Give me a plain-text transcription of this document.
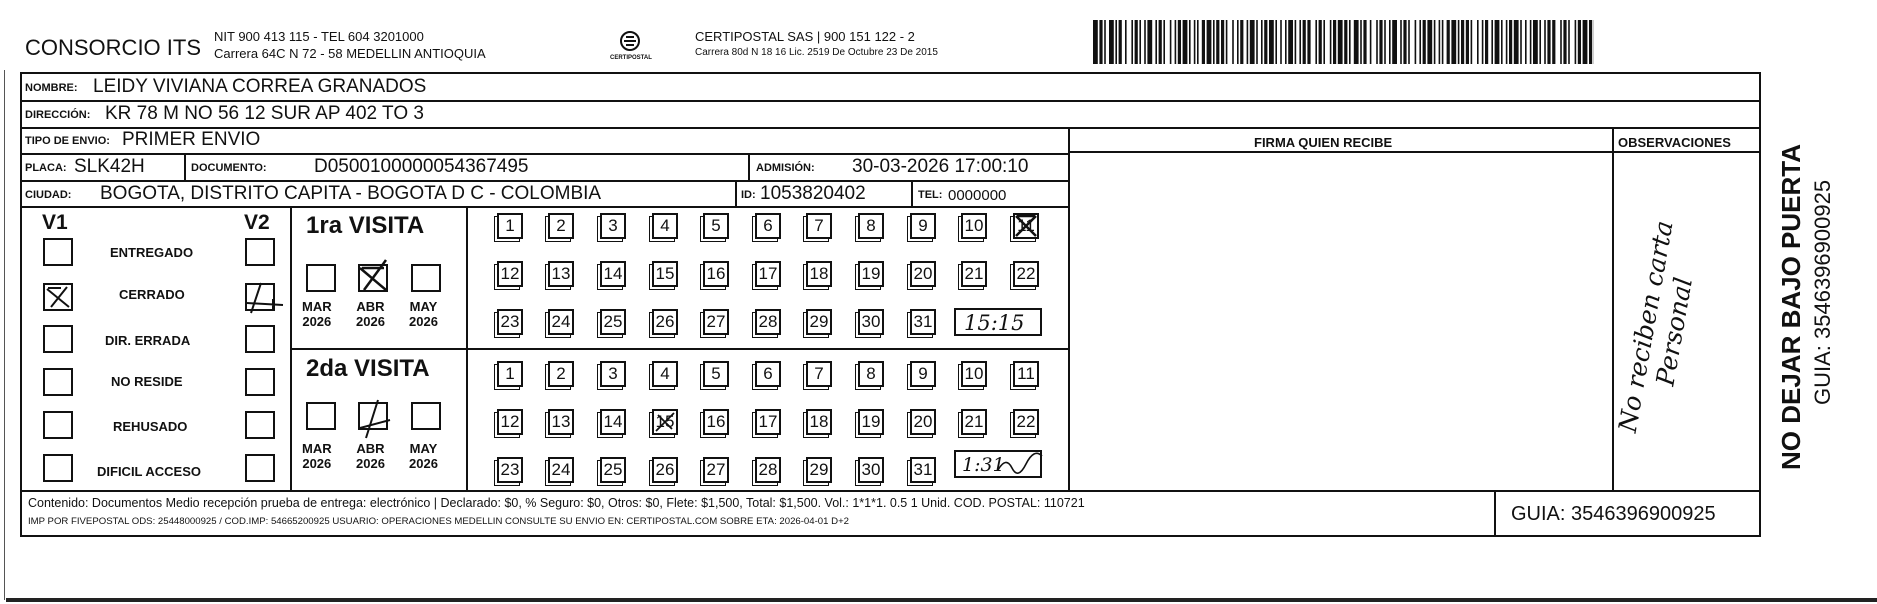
CONSORCIO ITS NIT 900 413 115 - TEL 604 3201000
Carrera 64C N 72 - 58 MEDELLIN ANTIOQUIA	CERTIPOSTAL
CERTIPOSTAL SAS | 900 151 122 - 2
Carrera 80d N 18 16 Lic. 2519 De Octubre 23 De 2015
NOMBRE: LEIDY VIVIANA CORREA GRANADOS
DIRECCIÓN: KR 78 M NO 56 12 SUR AP 402 TO 3
TIPO DE ENVIO: PRIMER ENVIO	FIRMA QUIEN RECIBE	OBSERVACIONES
PLACA: SLK42H	DOCUMENTO: D0500100000054367495	ADMISIÓN: 30-03-2026 17:00:10
CIUDAD: BOGOTA, DISTRITO CAPITA - BOGOTA D C - COLOMBIA	ID: 1053820402	TEL: 0000000
V1	V2
ENTREGADO
CERRADO
DIR. ERRADA
NO RESIDE
REHUSADO
DIFICIL ACCESO
1ra VISITA
MAR
2026
ABR
2026
MAY
2026
1	2	3	4	5	6	7	8	9	10 11
12 13 14 15 16 17 18 19 20 21 22
23 24 25 26 27 28 29 30 31 15:15
2da VISITA
MAR
2026
ABR
2026
MAY
2026
1	2	3	4	5	6	7	8	9	10 11
12 13 14 15 16 17 18 19 20 21 22
23 24 25 26 27 28 29 30 31 1:31
No reciben carta Personal
Contenido: Documentos Medio recepción prueba de entrega: electrónico | Declarado: $0, % Seguro: $0, Otros: $0, Flete: $1,500, Total: $1,500. Vol.: 1*1*1. 0.5 1 Unid. COD. POSTAL: 110721
IMP POR FIVEPOSTAL ODS: 25448000925 / COD.IMP: 54665200925 USUARIO: OPERACIONES MEDELLIN CONSULTE SU ENVIO EN: CERTIPOSTAL.COM SOBRE ETA: 2026-04-01 D+2	GUIA: 3546396900925
NO DEJAR BAJO PUERTA GUIA: 3546396900925
